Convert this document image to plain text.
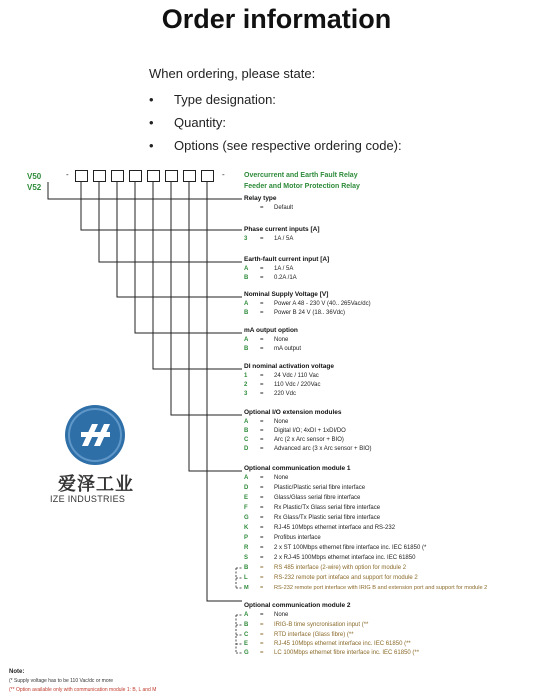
Order information
When ordering, please state:
• Type designation:
• Quantity:
• Options (see respective ordering code):
V50
V52
-	-	Overcurrent and Earth Fault Relay
Feeder and Motor Protection Relay
Relay type
= Default
Phase current inputs [A]
3 = 1A / 5A
Earth-fault current input [A]
A = 1A / 5A
B = 0.2A /1A
Nominal Supply Voltage [V]
A = Power A 48 - 230 V (40.. 265Vac/dc)
B = Power B 24 V (18.. 36Vdc)
mA output option
A = None
B = mA output
DI nominal activation voltage
1 = 24 Vdc / 110 Vac
2 = 110 Vdc / 220Vac
3 = 220 Vdc
Optional I/O extension modules
A = None
B = Digital I/O; 4xDI + 1xDI/DO
C = Arc (2 x Arc sensor + BIO)
D = Advanced arc (3 x Arc sensor + BIO)
Optional communication module 1
A = None
D = Plastic/Plastic serial fibre interface
E = Glass/Glass serial fibre interface
F = Rx Plastic/Tx Glass serial fibre interface
G = Rx Glass/Tx Plastic serial fibre interface
K = RJ-45 10Mbps ethernet interface and RS-232
P = Profibus interface
R = 2 x ST 100Mbps ethernet fibre interface inc. IEC 61850 (*
S = 2 x RJ-45 100Mbps ethernet interface inc. IEC 61850
B = RS 485 interface (2-wire) with option for module 2
L = RS-232 remote port inteface and support for module 2
M = RS-232 remote port interface with IRIG B and extension port and support for module 2
Optional communication module 2
A = None
B = IRIG-B time syncronisation input (**
C = RTD interface (Glass fibre) (**
E = RJ-45 10Mbps ethernet interface inc. IEC 61850 (**
G = LC 100Mbps ethernet fibre interface inc. IEC 61850 (**
爱泽工业
IZE INDUSTRIES
Note:
(* Supply voltage has to be 110 Vac/dc or more
(** Option available only with communication module 1: B, L and M
